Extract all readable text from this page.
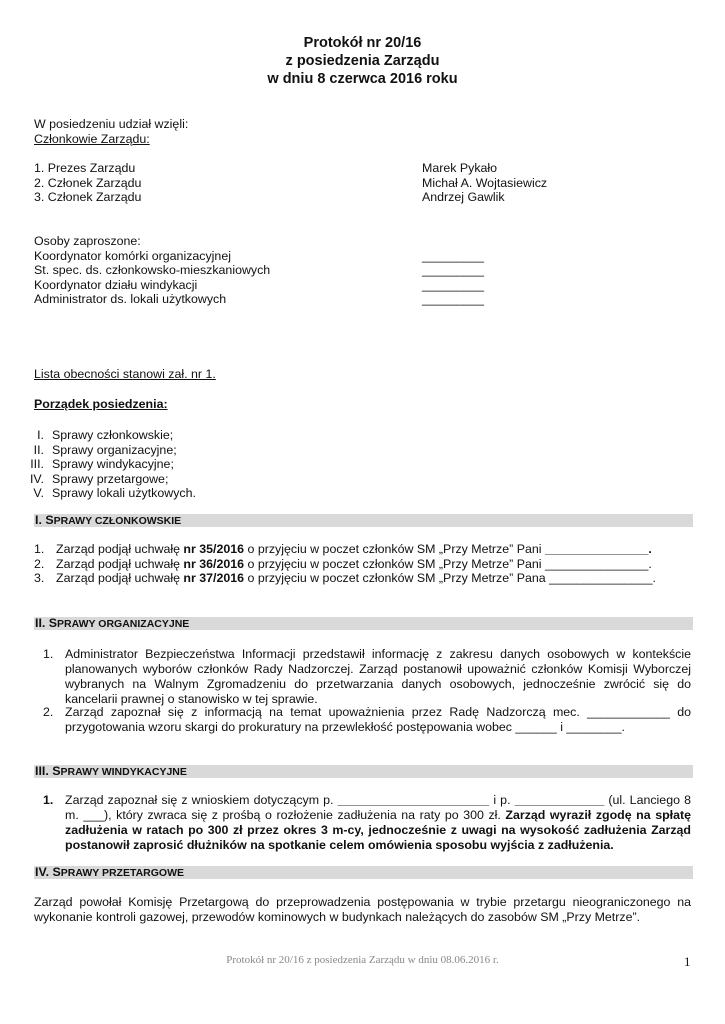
Protokół nr 20/16
z posiedzenia Zarządu
w dniu 8 czerwca 2016 roku
W posiedzeniu udział wzięli:
Członkowie Zarządu:
1. Prezes Zarządu	Marek Pykało
2. Członek Zarządu	Michał A. Wojtasiewicz
3. Członek Zarządu	Andrzej Gawlik
Osoby zaproszone:
Koordynator komórki organizacyjnej	_________
St. spec. ds. członkowsko-mieszkaniowych	_________
Koordynator działu windykacji	_________
Administrator ds. lokali użytkowych	_________
Lista obecności stanowi zał. nr 1.
Porządek posiedzenia:
I. Sprawy członkowskie;
II. Sprawy organizacyjne;
III. Sprawy windykacyjne;
IV. Sprawy przetargowe;
V. Sprawy lokali użytkowych.
I. SPRAWY CZŁONKOWSKIE
1. Zarząd podjął uchwałę nr 35/2016 o przyjęciu w poczet członków SM „Przy Metrze” Pani _______________.
2. Zarząd podjął uchwałę nr 36/2016 o przyjęciu w poczet członków SM „Przy Metrze” Pani _______________.
3. Zarząd podjął uchwałę nr 37/2016 o przyjęciu w poczet członków SM „Przy Metrze” Pana _______________.
II. SPRAWY ORGANIZACYJNE
1. Administrator Bezpieczeństwa Informacji przedstawił informację z zakresu danych osobowych w kontekście planowanych wyborów członków Rady Nadzorczej. Zarząd postanowił upoważnić członków Komisji Wyborczej wybranych na Walnym Zgromadzeniu do przetwarzania danych osobowych, jednocześnie zwrócić się do kancelarii prawnej o stanowisko w tej sprawie.
2. Zarząd zapoznał się z informacją na temat upoważnienia przez Radę Nadzorczą mec. ____________ do przygotowania wzoru skargi do prokuratury na przewlekłość postępowania wobec ______ i ________.
III. SPRAWY WINDYKACYJNE
1. Zarząd zapoznał się z wnioskiem dotyczącym p. ______________________ i p. _____________ (ul. Lanciego 8 m. ___), który zwraca się z prośbą o rozłożenie zadłużenia na raty po 300 zł. Zarząd wyraził zgodę na spłatę zadłużenia w ratach po 300 zł przez okres 3 m-cy, jednocześnie z uwagi na wysokość zadłużenia Zarząd postanowił zaprosić dłużników na spotkanie celem omówienia sposobu wyjścia z zadłużenia.
IV. SPRAWY PRZETARGOWE
Zarząd powołał Komisję Przetargową do przeprowadzenia postępowania w trybie przetargu nieograniczonego na wykonanie kontroli gazowej, przewodów kominowych w budynkach należących do zasobów SM „Przy Metrze”.
Protokół nr 20/16 z posiedzenia Zarządu w dniu 08.06.2016 r.	1
